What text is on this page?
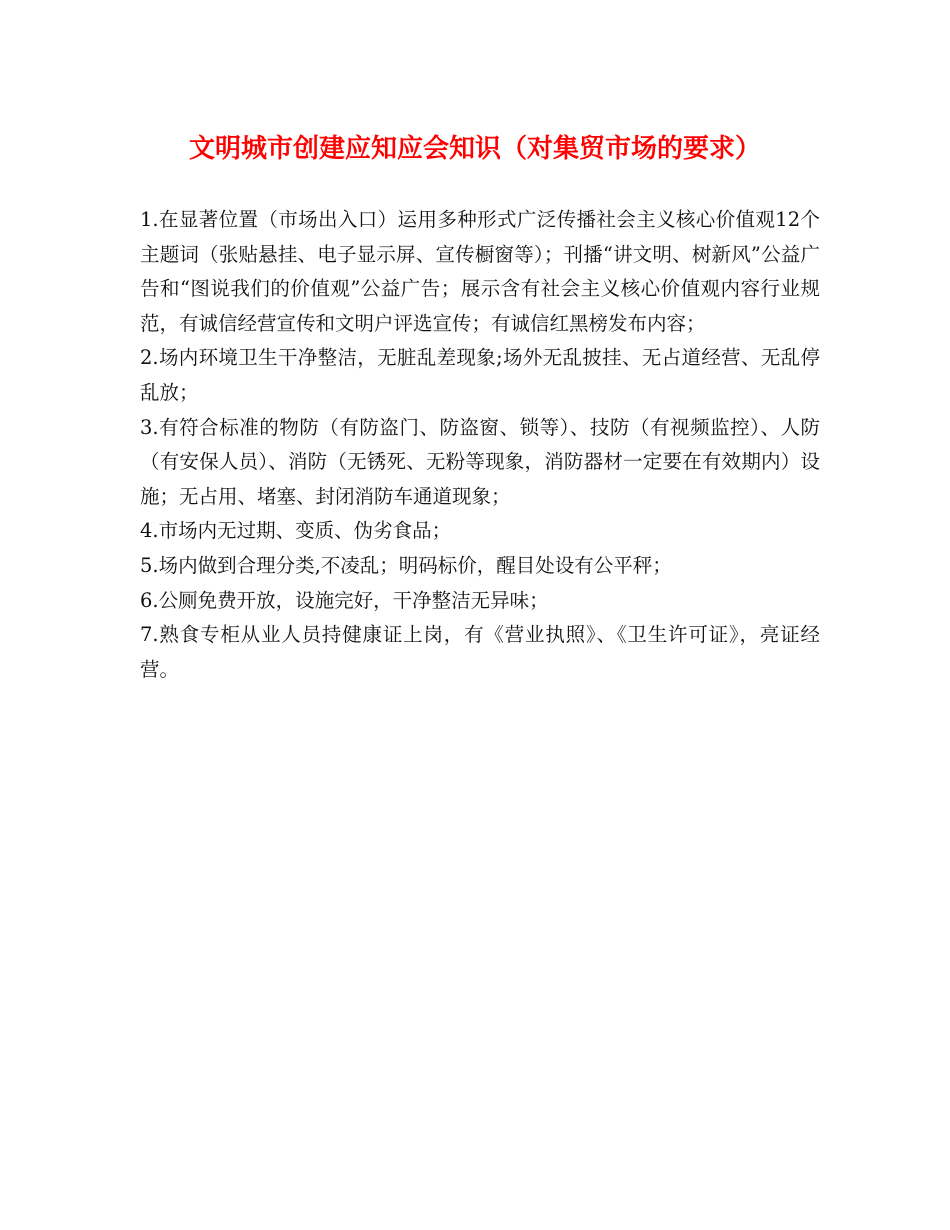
文明城市创建应知应会知识（对集贸市场的要求）

1.在显著位置（市场出入口）运用多种形式广泛传播社会主义核心价值观12个主题词（张贴悬挂、电子显示屏、宣传橱窗等）；刊播“讲文明、树新风”公益广告和“图说我们的价值观”公益广告；展示含有社会主义核心价值观内容行业规范，有诚信经营宣传和文明户评选宣传；有诚信红黑榜发布内容；

2.场内环境卫生干净整洁，无脏乱差现象;场外无乱披挂、无占道经营、无乱停乱放；

3.有符合标准的物防（有防盗门、防盗窗、锁等）、技防（有视频监控）、人防（有安保人员）、消防（无锈死、无粉等现象，消防器材一定要在有效期内）设施；无占用、堵塞、封闭消防车通道现象；

4.市场内无过期、变质、伪劣食品；

5.场内做到合理分类,不凌乱；明码标价，醒目处设有公平秤；

6.公厕免费开放，设施完好，干净整洁无异味；

7.熟食专柜从业人员持健康证上岗，有《营业执照》、《卫生许可证》，亮证经营。
